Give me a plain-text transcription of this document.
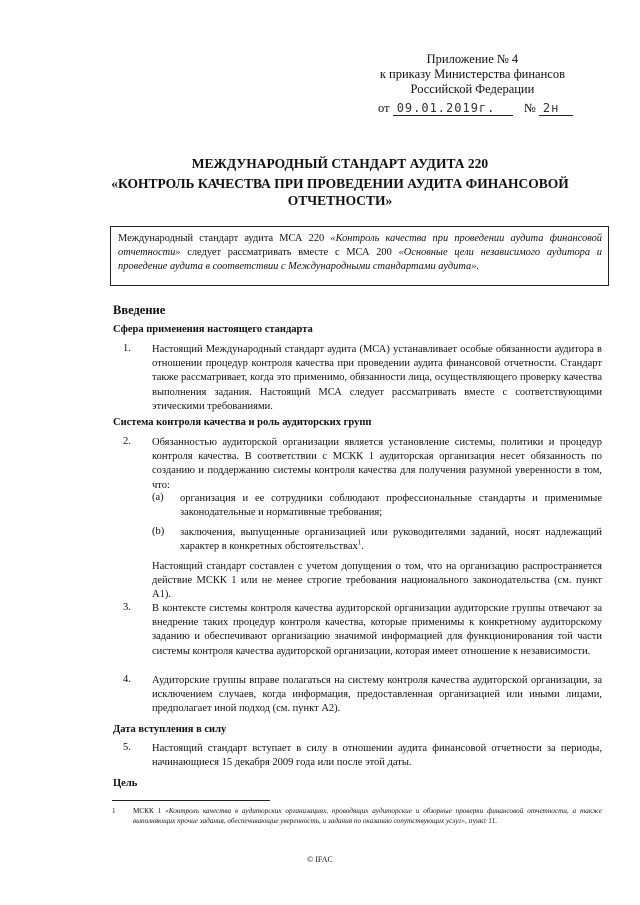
Приложение № 4
к приказу Министерства финансов
Российской Федерации
от 09.01.2019г. № 2н
МЕЖДУНАРОДНЫЙ СТАНДАРТ АУДИТА 220
«КОНТРОЛЬ КАЧЕСТВА ПРИ ПРОВЕДЕНИИ АУДИТА ФИНАНСОВОЙ
ОТЧЕТНОСТИ»
Международный стандарт аудита МСА 220 «Контроль качества при проведении аудита финансовой отчетности» следует рассматривать вместе с МСА 200 «Основные цели независимого аудитора и проведение аудита в соответствии с Международными стандартами аудита».
Введение
Сфера применения настоящего стандарта
1. Настоящий Международный стандарт аудита (МСА) устанавливает особые обязанности аудитора в отношении процедур контроля качества при проведении аудита финансовой отчетности. Стандарт также рассматривает, когда это применимо, обязанности лица, осуществляющего проверку качества выполнения задания. Настоящий МСА следует рассматривать вместе с соответствующими этическими требованиями.
Система контроля качества и роль аудиторских групп
2. Обязанностью аудиторской организации является установление системы, политики и процедур контроля качества. В соответствии с МСКК 1 аудиторская организация несет обязанность по созданию и поддержанию системы контроля качества для получения разумной уверенности в том, что:
(a) организация и ее сотрудники соблюдают профессиональные стандарты и применимые законодательные и нормативные требования;
(b) заключения, выпущенные организацией или руководителями заданий, носят надлежащий характер в конкретных обстоятельствах$^1$.
Настоящий стандарт составлен с учетом допущения о том, что на организацию распространяется действие МСКК 1 или не менее строгие требования национального законодательства (см. пункт А1).
3. В контексте системы контроля качества аудиторской организации аудиторские группы отвечают за внедрение таких процедур контроля качества, которые применимы к конкретному аудиторскому заданию и обеспечивают организацию значимой информацией для функционирования той части системы контроля качества аудиторской организации, которая имеет отношение к независимости.
4. Аудиторские группы вправе полагаться на систему контроля качества аудиторской организации, за исключением случаев, когда информация, предоставленная организацией или иными лицами, предполагает иной подход (см. пункт А2).
Дата вступления в силу
5. Настоящий стандарт вступает в силу в отношении аудита финансовой отчетности за периоды, начинающиеся 15 декабря 2009 года или после этой даты.
Цель
1 МСКК 1 «Контроль качества в аудиторских организациях, проводящих аудиторские и обзорные проверки финансовой отчетности, а также выполняющих прочие задания, обеспечивающие уверенность, и задания по оказанию сопутствующих услуг», пункт 11.
© IFAC
